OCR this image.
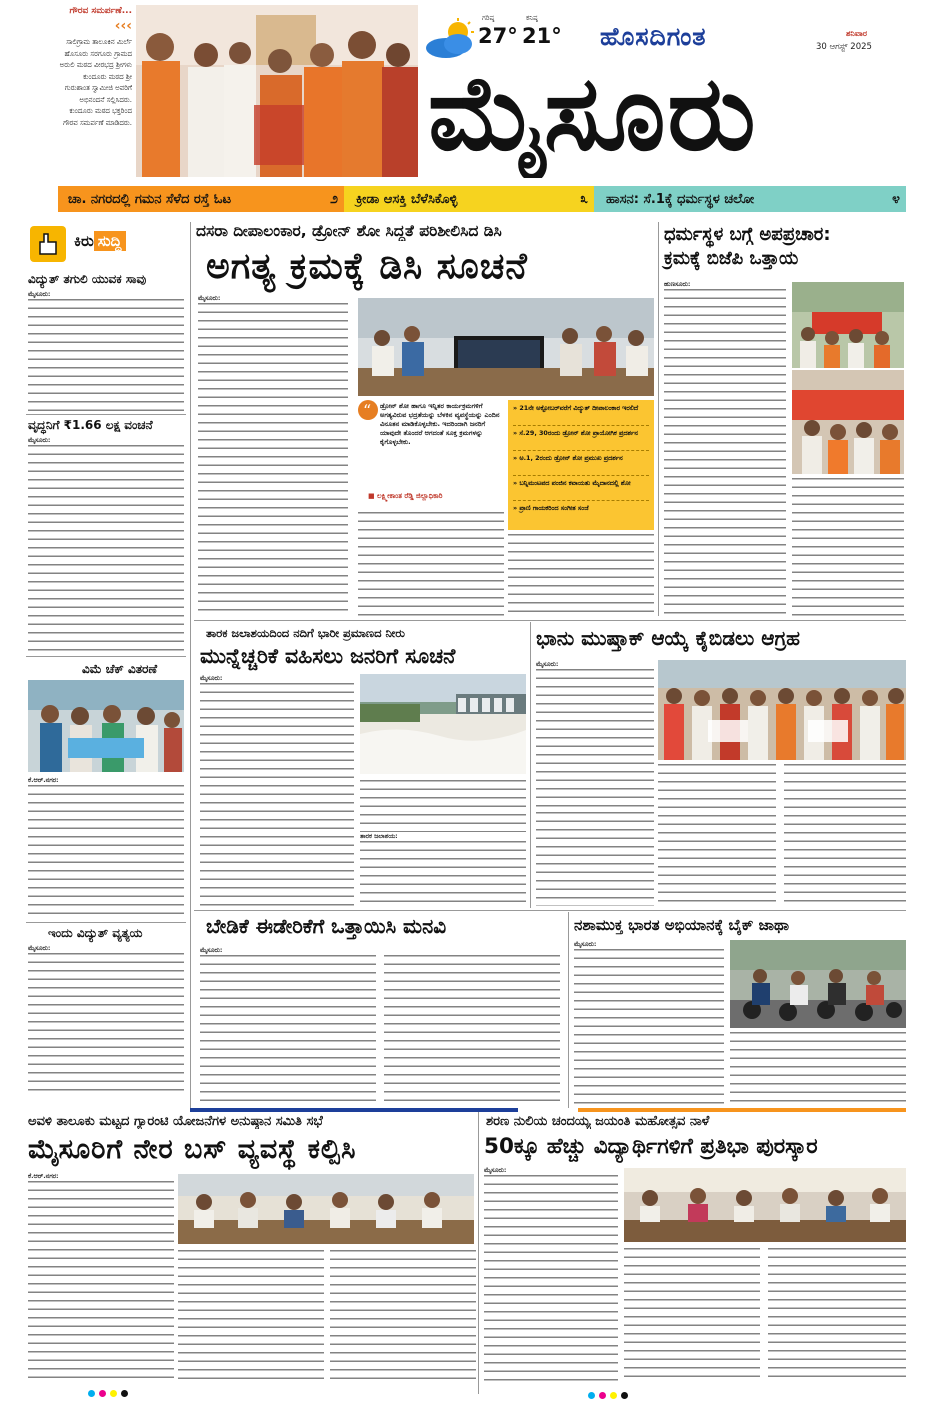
ಗೌರವ ಸಮರ್ಪಣೆ...
‹‹‹
ಸಾಲಿಗ್ರಾಮ ತಾಲೂಕಿನ ಮಿರ್ಲೆ ಹೊಸೂರು ಸರಗೂರು ಗ್ರಾಮದ ಅರುಲಿ ಮಠದ ವೀರಭದ್ರ ಶ್ರೀಗಳು ಕುಂದೂರು ಮಠದ ಶ್ರೀ ಗುರುಶಾಂತ ಸ್ವಾಮೀಜಿ ಅವರಿಗೆ ಅಭಿನಂದನೆ ಸಲ್ಲಿಸಿದರು. ಕುಂದೂರು ಮಠದ ಭಕ್ತರಿಂದ ಗೌರವ ಸಮರ್ಪಣೆ ಮಾಡಿದರು.
ಗರಿಷ್ಠ
27°
ಕನಿಷ್ಠ
21° ಹೊಸದಿಗಂತ	ಶನಿವಾರ
30 ಆಗಸ್ಟ್ 2025
ಮೈಸೂರು
ಚಾ. ನಗರದಲ್ಲಿ ಗಮನ ಸೆಳೆದ ರಸ್ತೆ ಓಟ	೨ ಕ್ರೀಡಾ ಆಸಕ್ತಿ ಬೆಳೆಸಿಕೊಳ್ಳಿ	೩ ಹಾಸನ: ಸೆ.1ಕ್ಕೆ ಧರ್ಮಸ್ಥಳ ಚಲೋ	೪
ಕಿರು ಸುದ್ದಿ
ವಿದ್ಯುತ್ ತಗುಲಿ ಯುವಕ ಸಾವು
ಮೈಸೂರು:
ವೃದ್ಧನಿಗೆ ₹1.66 ಲಕ್ಷ ವಂಚನೆ
ಮೈಸೂರು:
ವಿಮೆ ಚೆಕ್ ವಿತರಣೆ
ಕೆ.ಆರ್.ನಗರ:
ಇಂದು ವಿದ್ಯುತ್ ವ್ಯತ್ಯಯ
ಮೈಸೂರು:
ದಸರಾ ದೀಪಾಲಂಕಾರ, ಡ್ರೋನ್ ಶೋ ಸಿದ್ಧತೆ ಪರಿಶೀಲಿಸಿದ ಡಿಸಿ
ಅಗತ್ಯ ಕ್ರಮಕ್ಕೆ ಡಿಸಿ ಸೂಚನೆ
ಮೈಸೂರು:
“ ಡ್ರೋನ್ ಶೋ ಹಾಗೂ ಇನ್ನಿತರ ಕಾರ್ಯಕ್ರಮಗಳಿಗೆ ಅಗತ್ಯವಿರುವ ಭದ್ರತೆಯನ್ನು ಬೆಳಕಿನ ವ್ಯವಸ್ಥೆಯನ್ನು ಎಂದಿನ ವಿನೂತನ ಮಾಡಿಕೊಳ್ಳಬೇಕು. ಇದರಿಂದಾಗಿ ಜನರಿಗೆ ಯಾವುದೇ ತೊಂದರೆ ಆಗದಂತೆ ಸೂಕ್ತ ಕ್ರಮಗಳನ್ನು ಕೈಗೊಳ್ಳಬೇಕು.
■ ಲಕ್ಷ್ಮೀಕಾಂತ ರೆಡ್ಡಿ ಜಿಲ್ಲಾಧಿಕಾರಿ
» 21ನೇ ಅಕ್ಟೋಬರ್‌ವರೆಗೆ ವಿದ್ಯುತ್ ದೀಪಾಲಂಕಾರ ಇರಲಿದೆ
» ಸೆ.29, 30ರಂದು ಡ್ರೋನ್ ಶೋ ಪ್ರಾಯೋಗಿಕ ಪ್ರದರ್ಶನ
» ಅ.1, 2ರಂದು ಡ್ರೋನ್ ಶೋ ಪ್ರಮುಖ ಪ್ರದರ್ಶನ
» ಬನ್ನಿಮಂಟಪದ ಪಂಜಿನ ಕವಾಯತು ಮೈದಾನದಲ್ಲಿ ಶೋ
» ಪ್ರಾಣಿ ಗಾಯಕರಿಂದ ಸಂಗೀತ ಸಂಜೆ
ಧರ್ಮಸ್ಥಳ ಬಗ್ಗೆ ಅಪಪ್ರಚಾರ:
ಕ್ರಮಕ್ಕೆ ಬಿಜೆಪಿ ಒತ್ತಾಯ
ಹುಣಸೂರು:
ತಾರಕ ಜಲಾಶಯದಿಂದ ನದಿಗೆ ಭಾರೀ ಪ್ರಮಾಣದ ನೀರು
ಮುನ್ನೆಚ್ಚರಿಕೆ ವಹಿಸಲು ಜನರಿಗೆ ಸೂಚನೆ
ಮೈಸೂರು:
ತಾರಕ ಜಲಾಶಯ:
ಭಾನು ಮುಷ್ತಾಕ್ ಆಯ್ಕೆ ಕೈಬಿಡಲು ಆಗ್ರಹ
ಮೈಸೂರು:
ಬೇಡಿಕೆ ಈಡೇರಿಕೆಗೆ ಒತ್ತಾಯಿಸಿ ಮನವಿ
ಮೈಸೂರು:
ನಶಾಮುಕ್ತ ಭಾರತ ಅಭಿಯಾನಕ್ಕೆ ಬೈಕ್ ಜಾಥಾ
ಮೈಸೂರು:
ಅವಳಿ ತಾಲೂಕು ಮಟ್ಟದ ಗ್ಯಾರಂಟಿ ಯೋಜನೆಗಳ ಅನುಷ್ಠಾನ ಸಮಿತಿ ಸಭೆ
ಮೈಸೂರಿಗೆ ನೇರ ಬಸ್ ವ್ಯವಸ್ಥೆ ಕಲ್ಪಿಸಿ
ಕೆ.ಆರ್.ನಗರ:
ಶರಣ ನುಲಿಯ ಚಂದಯ್ಯ ಜಯಂತಿ ಮಹೋತ್ಸವ ನಾಳೆ
50ಕ್ಕೂ ಹೆಚ್ಚು ವಿದ್ಯಾರ್ಥಿಗಳಿಗೆ ಪ್ರತಿಭಾ ಪುರಸ್ಕಾರ
ಮೈಸೂರು:
